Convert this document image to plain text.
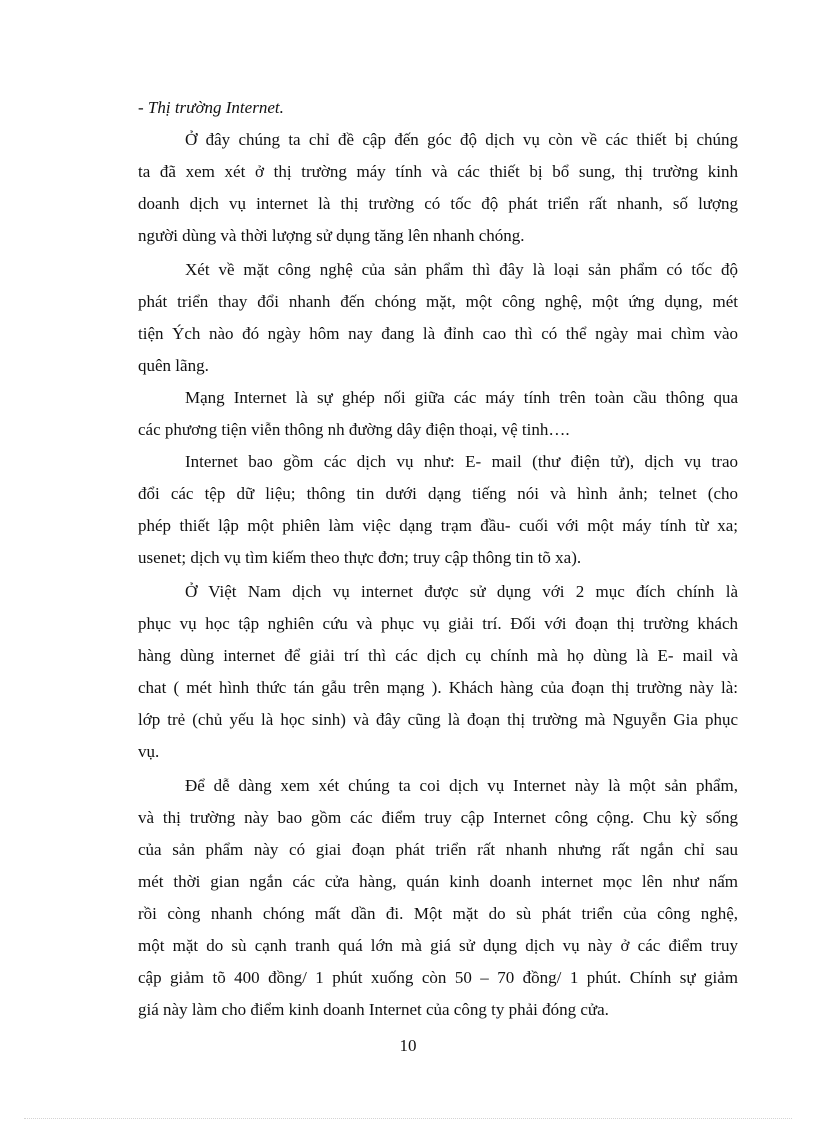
- Thị trường Internet.
Ở đây chúng ta chỉ đề cập đến góc độ dịch vụ còn về các thiết bị chúng
ta đã xem xét ở thị trường máy tính và các thiết bị bổ sung, thị trường kinh
doanh dịch vụ internet là thị trường có tốc độ phát triển rất nhanh, số lượng
người dùng và thời lượng sử dụng tăng lên nhanh chóng.
Xét về mặt công nghệ của sản phẩm thì đây là loại sản phẩm có tốc độ
phát triển thay đổi nhanh đến chóng mặt, một công nghệ, một ứng dụng, mét
tiện Ých nào đó ngày hôm nay đang là đỉnh cao thì có thể ngày mai chìm vào
quên lãng.
Mạng Internet là sự ghép nối giữa các máy tính trên toàn cầu thông qua
các phương tiện viễn thông nh đường dây điện thoại, vệ tinh….
Internet bao gồm các dịch vụ như: E- mail (thư điện tử), dịch vụ trao
đổi các tệp dữ liệu; thông tin dưới dạng tiếng nói và hình ảnh; telnet (cho
phép thiết lập một phiên làm việc dạng trạm đầu- cuối với một máy tính từ xa;
usenet; dịch vụ tìm kiếm theo thực đơn; truy cập thông tin tõ xa).
Ở Việt Nam dịch vụ internet được sử dụng với 2 mục đích chính là
phục vụ học tập nghiên cứu và phục vụ giải trí. Đối với đoạn thị trường khách
hàng dùng internet để giải trí thì các dịch cụ chính mà họ dùng là E- mail và
chat ( mét hình thức tán gẫu trên mạng ). Khách hàng của đoạn thị trường này là:
lớp trẻ (chủ yếu là học sinh) và đây cũng là đoạn thị trường mà Nguyễn Gia phục
vụ.
Để dễ dàng xem xét chúng ta coi dịch vụ Internet này là một sản phẩm,
và thị trường này bao gồm các điểm truy cập Internet công cộng. Chu kỳ sống
của sản phẩm này có giai đoạn phát triển rất nhanh nhưng rất ngắn chỉ sau
mét thời gian ngắn các cửa hàng, quán kinh doanh internet mọc lên như nấm
rồi còng nhanh chóng mất dần đi. Một mặt do sù phát triển của công nghệ,
một mặt do sù cạnh tranh quá lớn mà giá sử dụng dịch vụ này ở các điểm truy
cập giảm tõ 400 đồng/ 1 phút xuống còn 50 – 70 đồng/ 1 phút. Chính sự giảm
giá này làm cho điểm kinh doanh Internet của công ty phải đóng cửa.
10
